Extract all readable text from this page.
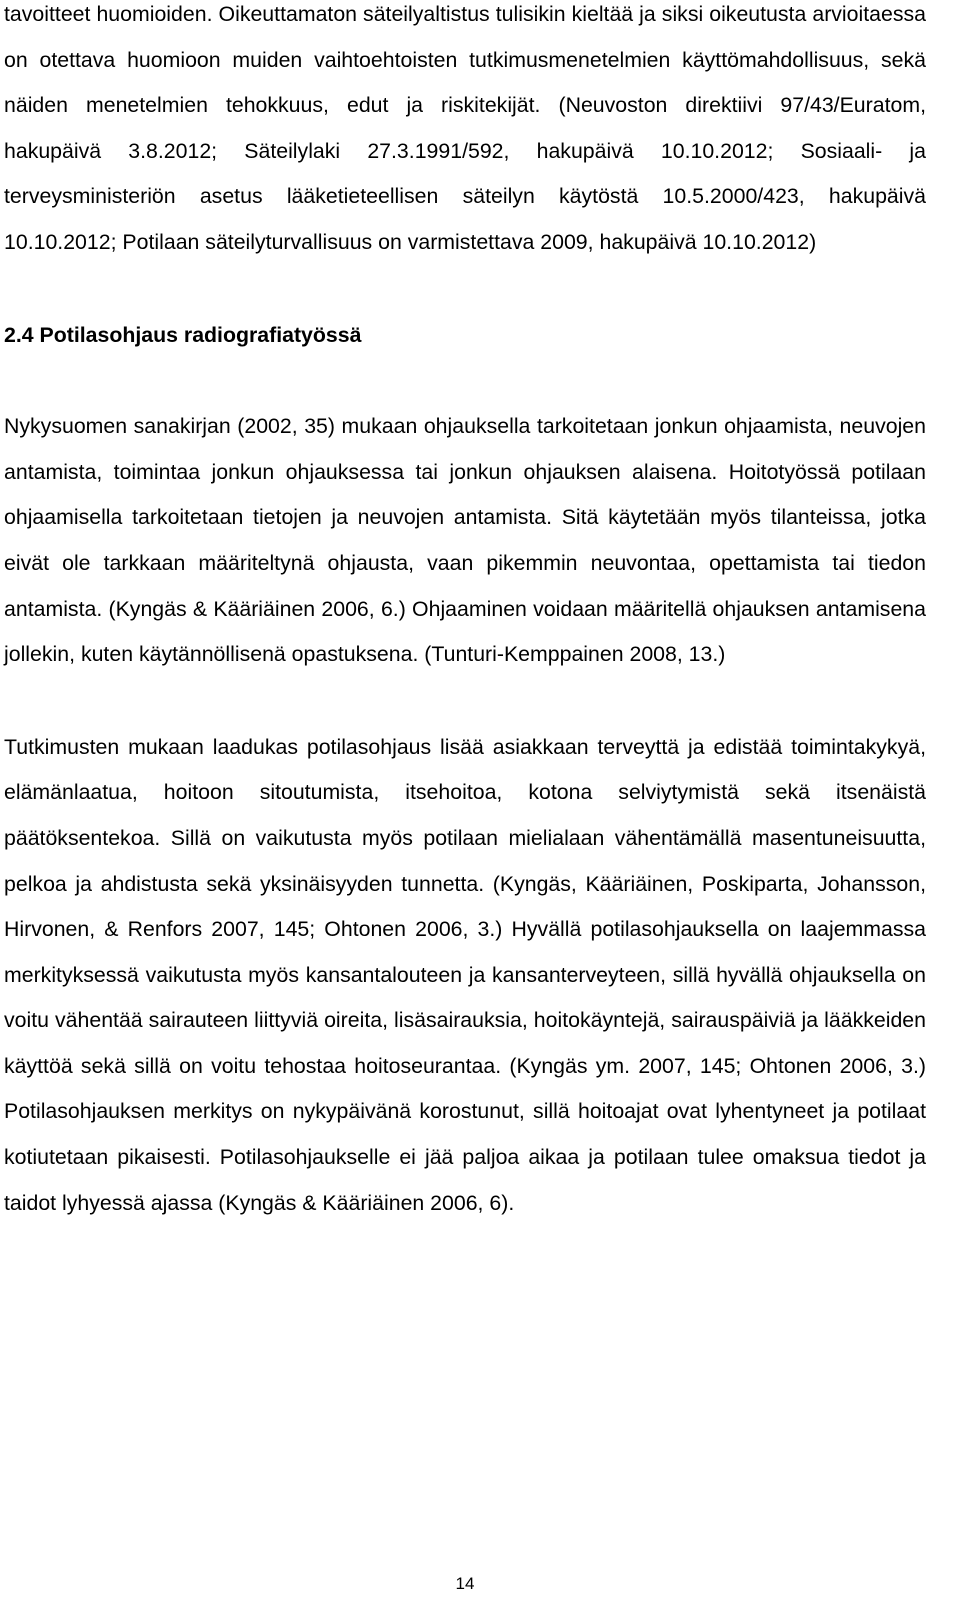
tavoitteet huomioiden. Oikeuttamaton säteilyaltistus tulisikin kieltää ja siksi oikeutusta arvioitaessa on otettava huomioon muiden vaihtoehtoisten tutkimusmenetelmien käyttömahdollisuus, sekä näiden menetelmien tehokkuus, edut ja riskitekijät. (Neuvoston direktiivi 97/43/Euratom, hakupäivä 3.8.2012; Säteilylaki 27.3.1991/592, hakupäivä 10.10.2012; Sosiaali- ja terveysministeriön asetus lääketieteellisen säteilyn käytöstä 10.5.2000/423, hakupäivä 10.10.2012; Potilaan säteilyturvallisuus on varmistettava 2009, hakupäivä 10.10.2012)

2.4 Potilasohjaus radiografiatyössä

Nykysuomen sanakirjan (2002, 35) mukaan ohjauksella tarkoitetaan jonkun ohjaamista, neuvojen antamista, toimintaa jonkun ohjauksessa tai jonkun ohjauksen alaisena. Hoitotyössä potilaan ohjaamisella tarkoitetaan tietojen ja neuvojen antamista. Sitä käytetään myös tilanteissa, jotka eivät ole tarkkaan määriteltynä ohjausta, vaan pikemmin neuvontaa, opettamista tai tiedon antamista. (Kyngäs & Kääriäinen 2006, 6.) Ohjaaminen voidaan määritellä ohjauksen antamisena jollekin, kuten käytännöllisenä opastuksena. (Tunturi-Kemppainen 2008, 13.)

Tutkimusten mukaan laadukas potilasohjaus lisää asiakkaan terveyttä ja edistää toimintakykyä, elämänlaatua, hoitoon sitoutumista, itsehoitoa, kotona selviytymistä sekä itsenäistä päätöksentekoa. Sillä on vaikutusta myös potilaan mielialaan vähentämällä masentuneisuutta, pelkoa ja ahdistusta sekä yksinäisyyden tunnetta. (Kyngäs, Kääriäinen, Poskiparta, Johansson, Hirvonen, & Renfors 2007, 145; Ohtonen 2006, 3.) Hyvällä potilasohjauksella on laajemmassa merkityksessä vaikutusta myös kansantalouteen ja kansanterveyteen, sillä hyvällä ohjauksella on voitu vähentää sairauteen liittyviä oireita, lisäsairauksia, hoitokäyntejä, sairauspäiviä ja lääkkeiden käyttöä sekä sillä on voitu tehostaa hoitoseurantaa. (Kyngäs ym. 2007, 145; Ohtonen 2006, 3.) Potilasohjauksen merkitys on nykypäivänä korostunut, sillä hoitoajat ovat lyhentyneet ja potilaat kotiutetaan pikaisesti. Potilasohjaukselle ei jää paljoa aikaa ja potilaan tulee omaksua tiedot ja taidot lyhyessä ajassa (Kyngäs & Kääriäinen 2006, 6).

14
